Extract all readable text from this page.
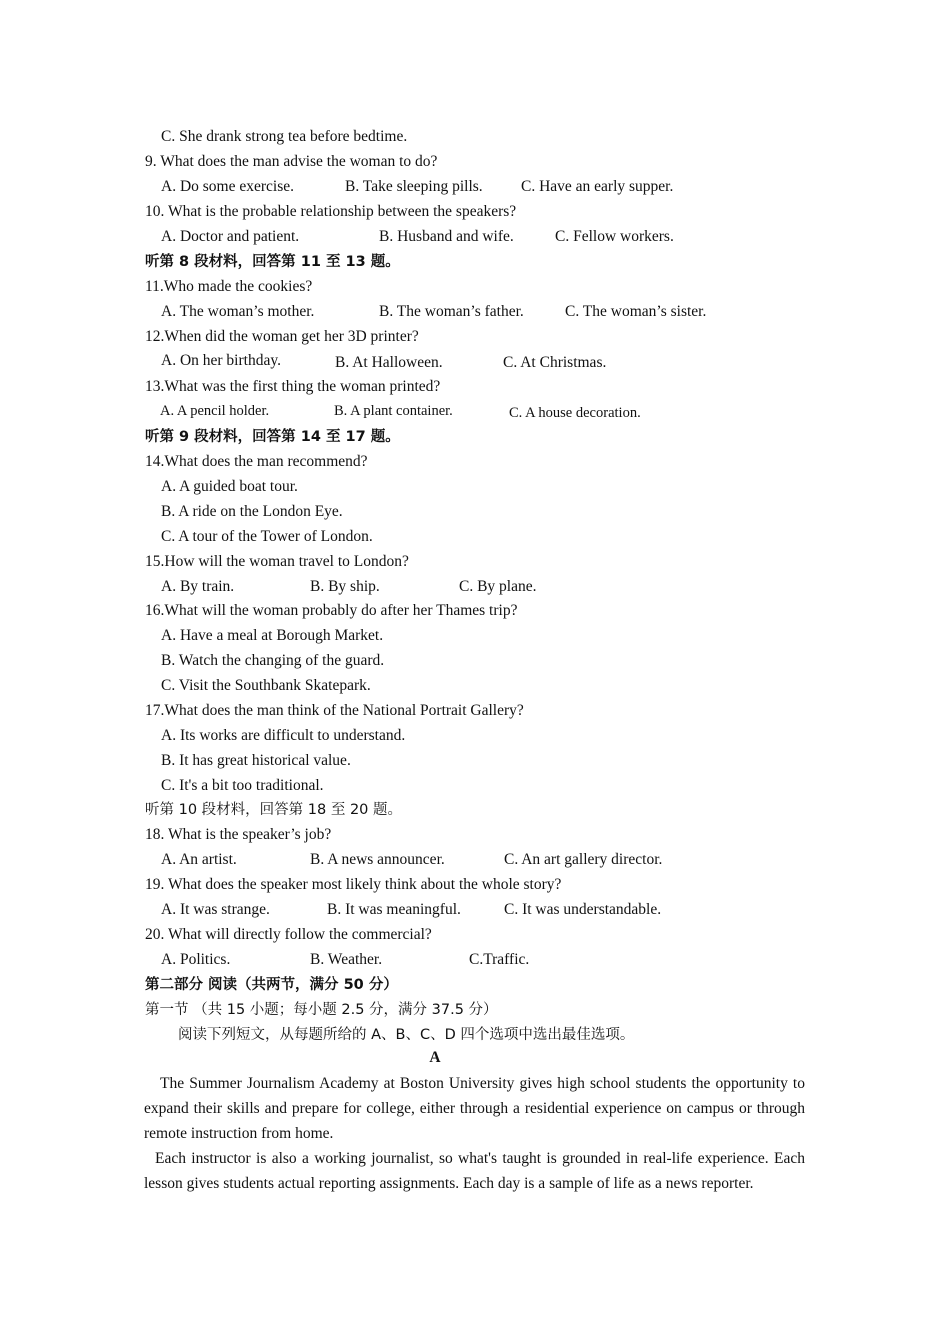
C. She drank strong tea before bedtime.
9. What does the man advise the woman to do?
A. Do some exercise.	B. Take sleeping pills. C. Have an early supper.
10. What is the probable relationship between the speakers?
A. Doctor and patient.	B. Husband and wife.	C. Fellow workers.
听第 8 段材料，回答第 11 至 13 题。
11.Who made the cookies?
A. The woman’s mother.	B. The woman’s father.	C. The woman’s sister.
12.When did the woman get her 3D printer?
A. On her birthday.	B. At Halloween.	C. At Christmas.
13.What was the first thing the woman printed?
A. A pencil holder.	B. A plant container.	C. A house decoration.
听第 9 段材料，回答第 14 至 17 题。
14.What does the man recommend?
A. A guided boat tour.
B. A ride on the London Eye.
C. A tour of the Tower of London.
15.How will the woman travel to London?
A. By train.	B. By ship.	C. By plane.
16.What will the woman probably do after her Thames trip?
A. Have a meal at Borough Market.
B. Watch the changing of the guard.
C. Visit the Southbank Skatepark.
17.What does the man think of the National Portrait Gallery?
A. Its works are difficult to understand.
B. It has great historical value.
C. It's a bit too traditional.
听第 10 段材料，回答第 18 至 20 题。
18. What is the speaker’s job?
A. An artist.	B. A news announcer.	C. An art gallery director.
19. What does the speaker most likely think about the whole story?
A. It was strange.	B. It was meaningful.	C. It was understandable.
20. What will directly follow the commercial?
A. Politics.	B. Weather.	C.Traffic.
第二部分 阅读（共两节，满分 50 分）
第一节 （共 15 小题；每小题 2.5 分，满分 37.5 分）
阅读下列短文，从每题所给的 A、B、C、D 四个选项中选出最佳选项。
A
The Summer Journalism Academy at Boston University gives high school students the opportunity to expand their skills and prepare for college, either through a residential experience on campus or through remote instruction from home.
Each instructor is also a working journalist, so what's taught is grounded in real-life experience. Each lesson gives students actual reporting assignments. Each day is a sample of life as a news reporter.
